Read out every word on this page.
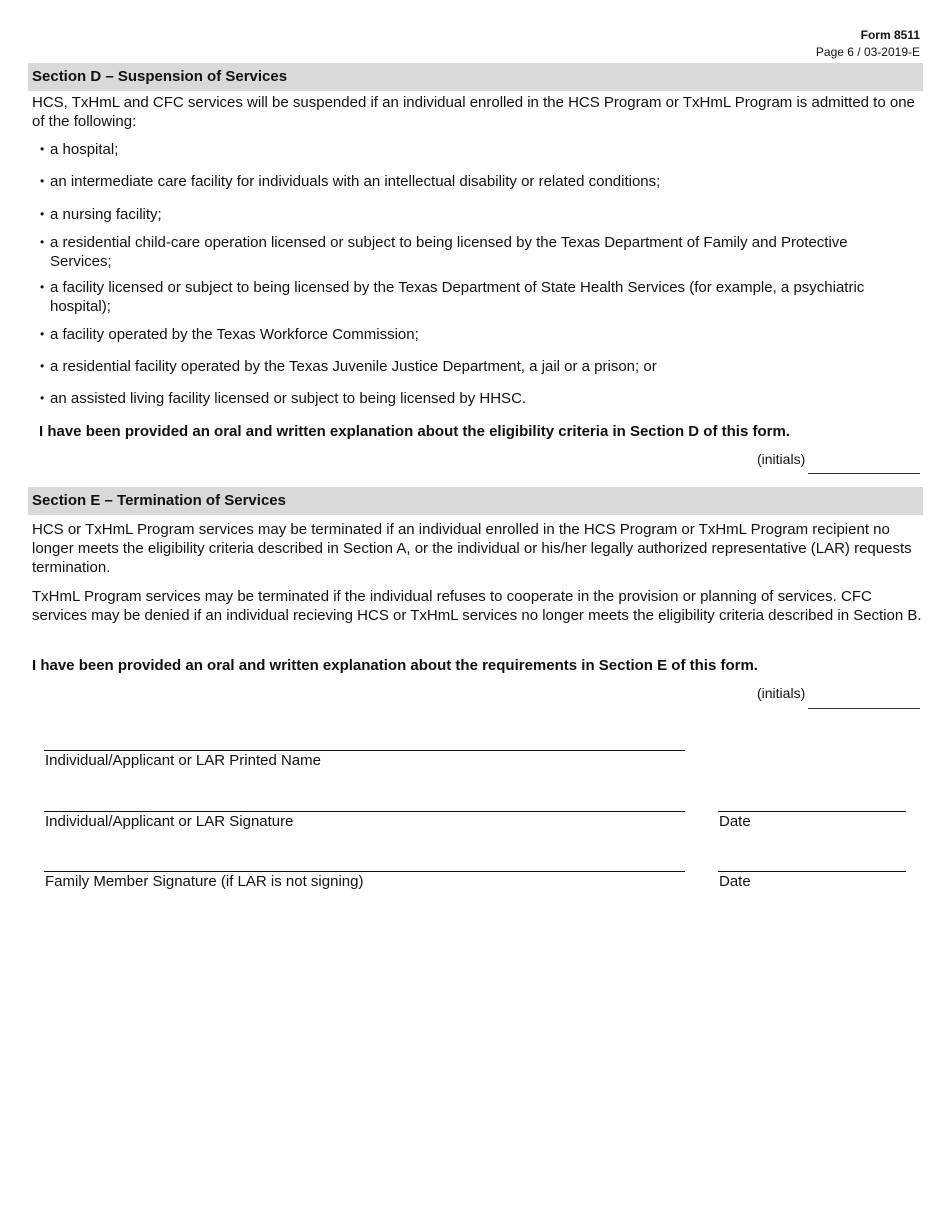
Form 8511
Page 6 / 03-2019-E
Section D – Suspension of Services
HCS, TxHmL and CFC services will be suspended if an individual enrolled in the HCS Program or TxHmL Program is admitted to one of the following:
• a hospital;
• an intermediate care facility for individuals with an intellectual disability or related conditions;
• a nursing facility;
• a residential child-care operation licensed or subject to being licensed by the Texas Department of Family and Protective Services;
• a facility licensed or subject to being licensed by the Texas Department of State Health Services (for example, a psychiatric hospital);
• a facility operated by the Texas Workforce Commission;
• a residential facility operated by the Texas Juvenile Justice Department, a jail or a prison; or
• an assisted living facility licensed or subject to being licensed by HHSC.
I have been provided an oral and written explanation about the eligibility criteria in Section D of this form.
(initials)
Section E – Termination of Services
HCS or TxHmL Program services may be terminated if an individual enrolled in the HCS Program or TxHmL Program recipient no longer meets the eligibility criteria described in Section A, or the individual or his/her legally authorized representative (LAR) requests termination.
TxHmL Program services may be terminated if the individual refuses to cooperate in the provision or planning of services. CFC services may be denied if an individual recieving HCS or TxHmL services no longer meets the eligibility criteria described in Section B.
I have been provided an oral and written explanation about the requirements in Section E of this form.
(initials)
Individual/Applicant or LAR Printed Name
Individual/Applicant or LAR Signature	Date
Family Member Signature (if LAR is not signing)	Date
